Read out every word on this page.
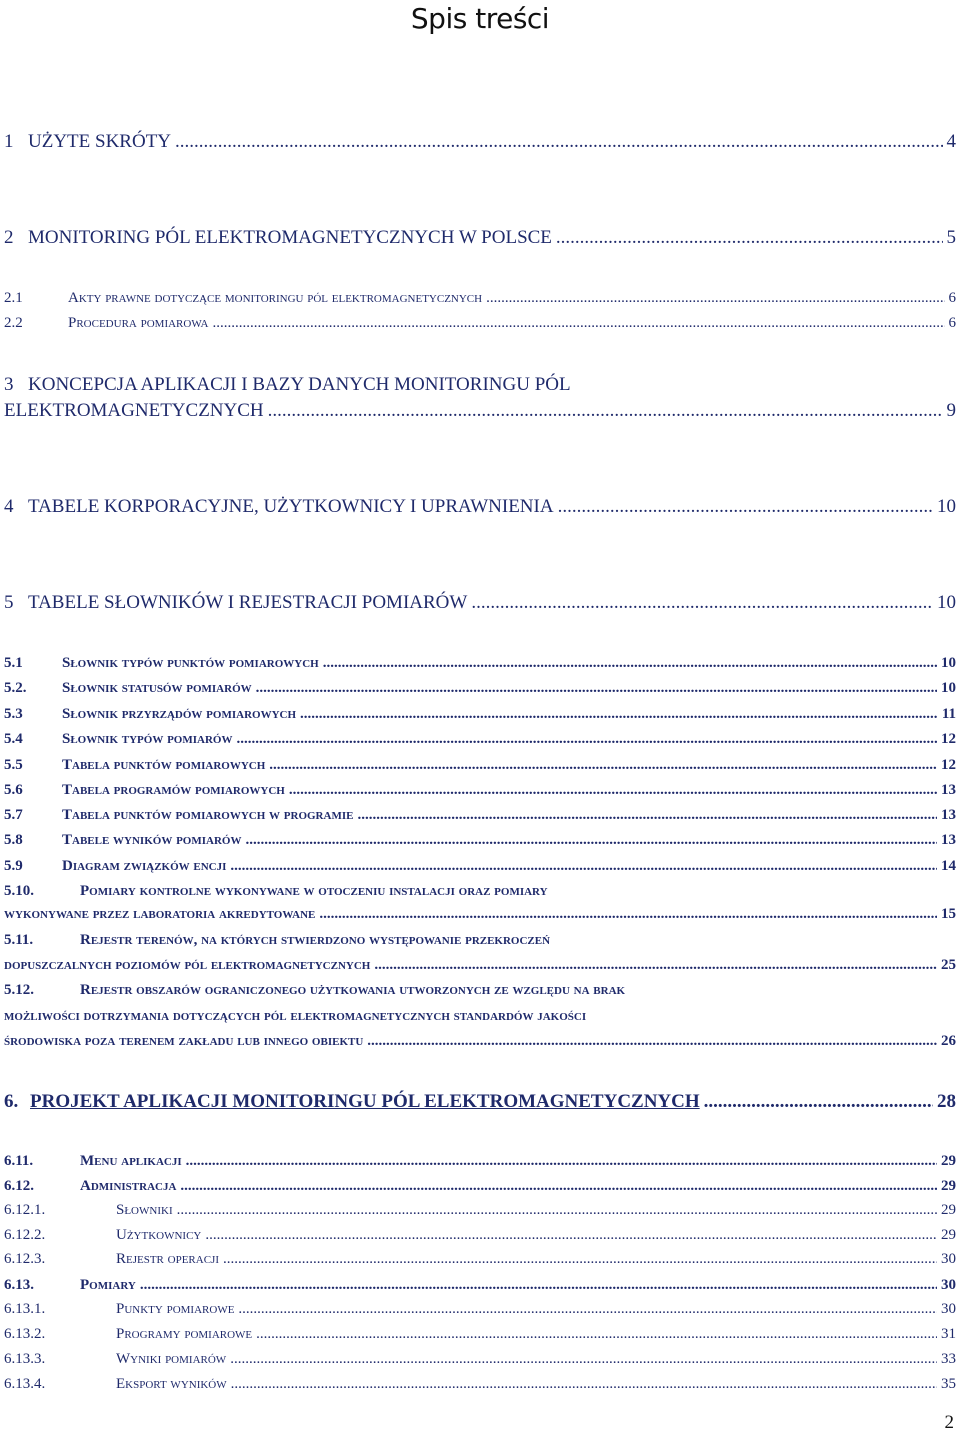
Spis treści
1 UŻYTE SKRÓTY .....	4
2 MONITORING PÓL ELEKTROMAGNETYCZNYCH W POLSCE .....	5
2.1	Akty prawne dotyczące monitoringu pól elektromagnetycznych .....	6
2.2	Procedura pomiarowa .....	6
3 KONCEPCJA APLIKACJI I BAZY DANYCH MONITORINGU PÓL
ELEKTROMAGNETYCZNYCH .....	9
4 TABELE KORPORACYJNE, UŻYTKOWNICY I UPRAWNIENIA .....	10
5 TABELE SŁOWNIKÓW I REJESTRACJI POMIARÓW .....	10
5.1	Słownik typów punktów pomiarowych .....	10
5.2.	Słownik statusów pomiarów .....	10
5.3	Słownik przyrządów pomiarowych .....	11
5.4	Słownik typów pomiarów .....	12
5.5	Tabela punktów pomiarowych .....	12
5.6	Tabela programów pomiarowych .....	13
5.7	Tabela punktów pomiarowych w programie .....	13
5.8	Tabele wyników pomiarów .....	13
5.9	Diagram związków encji .....	14
5.10.	Pomiary kontrolne wykonywane w otoczeniu instalacji oraz pomiary
wykonywane przez laboratoria akredytowane .....	15
5.11.	Rejestr terenów, na których stwierdzono występowanie przekroczeń
dopuszczalnych poziomów pól elektromagnetycznych .....	25
5.12.	Rejestr obszarów ograniczonego użytkowania utworzonych ze względu na brak
możliwości dotrzymania dotyczących pól elektromagnetycznych standardów jakości
środowiska poza terenem zakładu lub innego obiektu .....	26
6. PROJEKT APLIKACJI MONITORINGU PÓL ELEKTROMAGNETYCZNYCH .....	28
6.11.	Menu aplikacji .....	29
6.12.	Administracja .....	29
6.12.1.	Słowniki .....	29
6.12.2.	Użytkownicy .....	29
6.12.3.	Rejestr operacji .....	30
6.13.	Pomiary .....	30
6.13.1.	Punkty pomiarowe .....	30
6.13.2.	Programy pomiarowe .....	31
6.13.3.	Wyniki pomiarów .....	33
6.13.4.	Eksport wyników .....	35
2
